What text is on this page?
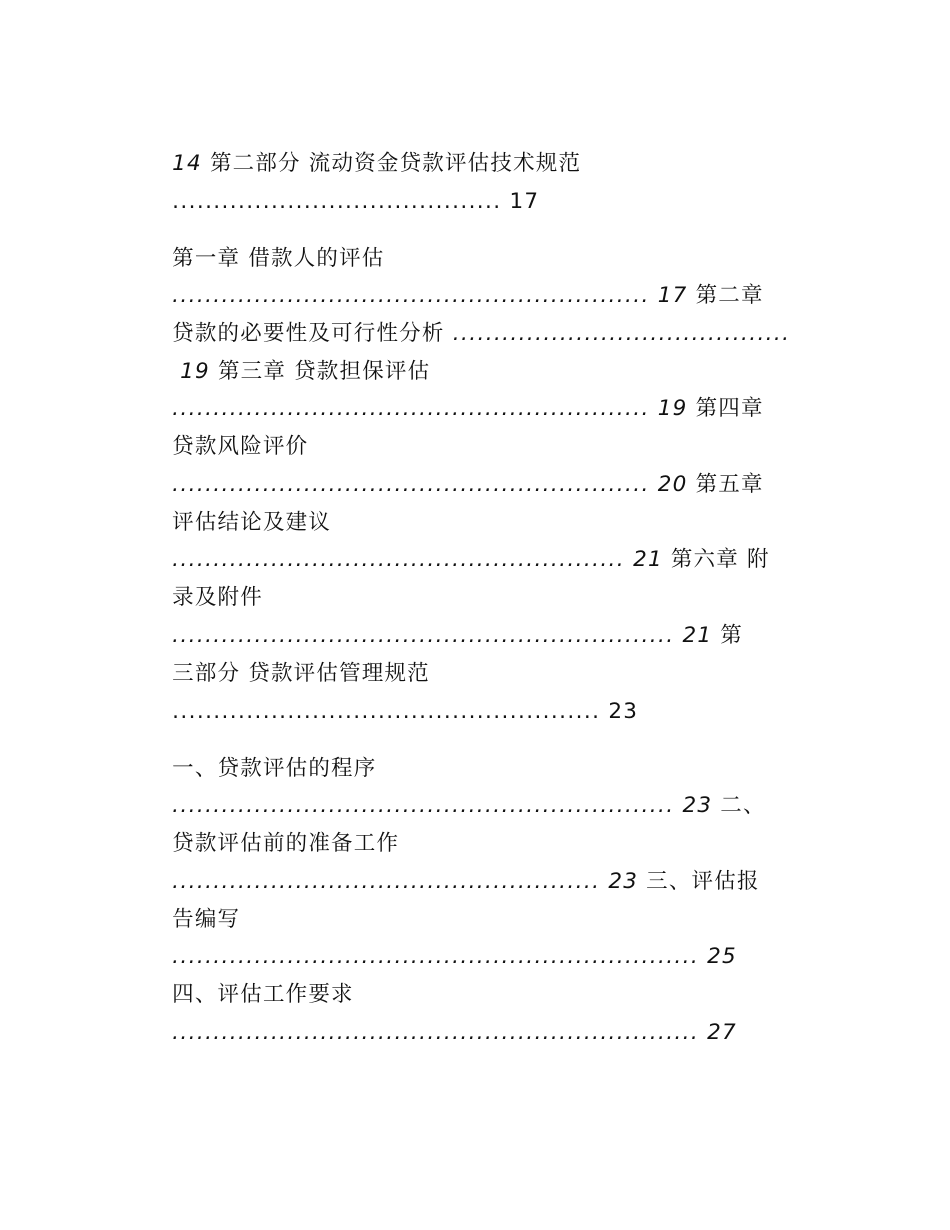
14 第二部分 流动资金贷款评估技术规范

........................................ 17

第一章 借款人的评估

.......................................................... 17 第二章

贷款的必要性及可行性分析 .........................................

19 第三章 贷款担保评估

.......................................................... 19 第四章

贷款风险评价

.......................................................... 20 第五章

评估结论及建议

....................................................... 21 第六章 附

录及附件

............................................................. 21 第

三部分 贷款评估管理规范

.................................................... 23

一、贷款评估的程序

............................................................. 23 二、

贷款评估前的准备工作

.................................................... 23 三、评估报

告编写

................................................................ 25

四、评估工作要求

................................................................ 27
